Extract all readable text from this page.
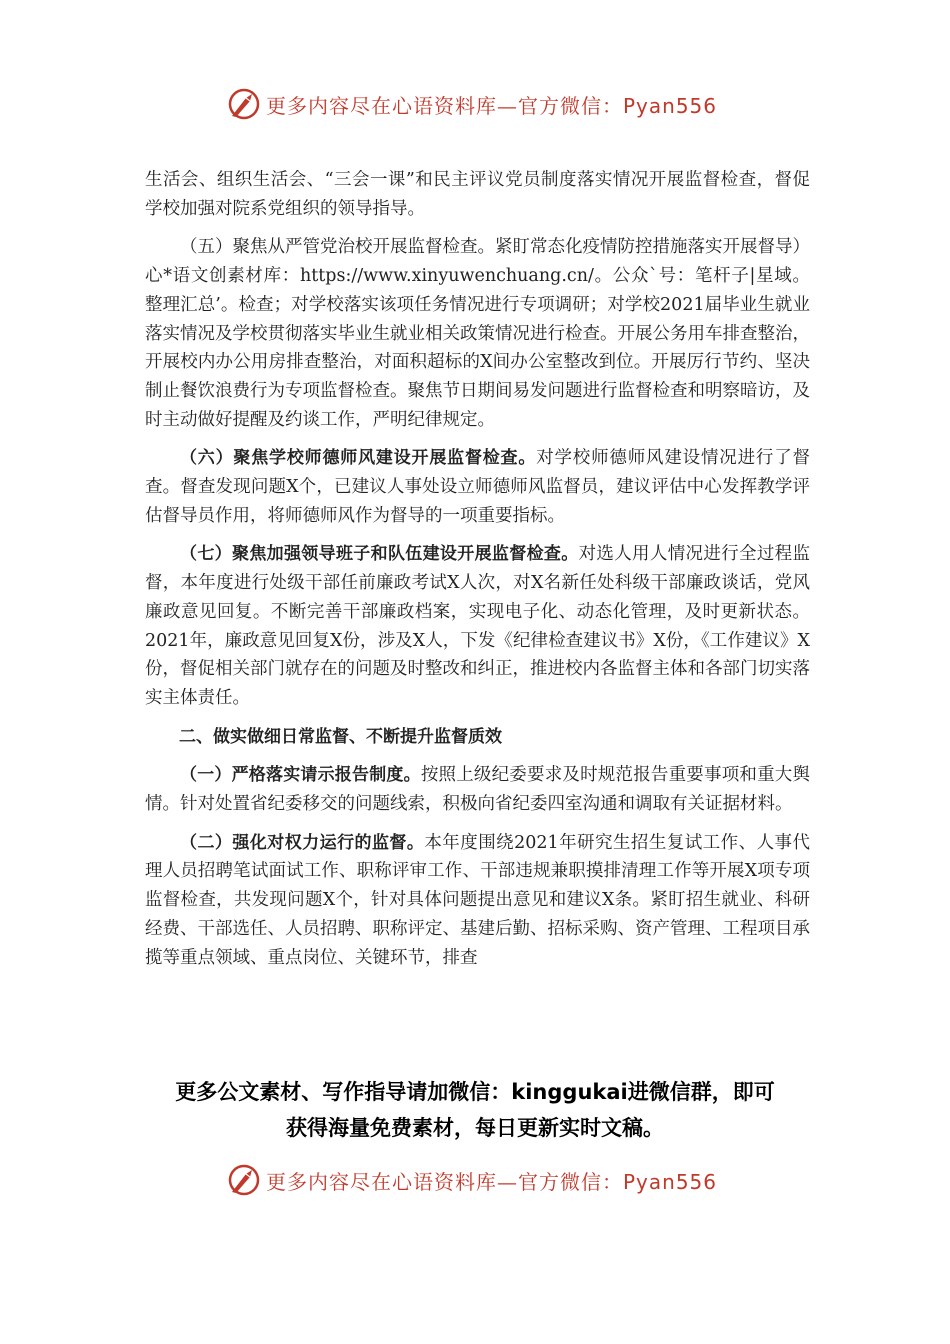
更多内容尽在心语资料库—官方微信：Pyan556

生活会、组织生活会、“三会一课”和民主评议党员制度落实情况开展监督检查，督促学校加强对院系党组织的领导指导。

（五）聚焦从严管党治校开展监督检查。紧盯常态化疫情防控措施落实开展督导）心*语文创素材库：https://www.xinyuwenchuang.cn/。公众`号：笔杆子|星域。整理汇总’。检查；对学校落实该项任务情况进行专项调研；对学校2021届毕业生就业落实情况及学校贯彻落实毕业生就业相关政策情况进行检查。开展公务用车排查整治，开展校内办公用房排查整治，对面积超标的X间办公室整改到位。开展厉行节约、坚决制止餐饮浪费行为专项监督检查。聚焦节日期间易发问题进行监督检查和明察暗访，及时主动做好提醒及约谈工作，严明纪律规定。

（六）聚焦学校师德师风建设开展监督检查。对学校师德师风建设情况进行了督查。督查发现问题X个，已建议人事处设立师德师风监督员，建议评估中心发挥教学评估督导员作用，将师德师风作为督导的一项重要指标。

（七）聚焦加强领导班子和队伍建设开展监督检查。对选人用人情况进行全过程监督，本年度进行处级干部任前廉政考试X人次，对X名新任处科级干部廉政谈话，党风廉政意见回复。不断完善干部廉政档案，实现电子化、动态化管理，及时更新状态。2021年，廉政意见回复X份，涉及X人，下发《纪律检查建议书》X份，《工作建议》X份，督促相关部门就存在的问题及时整改和纠正，推进校内各监督主体和各部门切实落实主体责任。

二、做实做细日常监督、不断提升监督质效

（一）严格落实请示报告制度。按照上级纪委要求及时规范报告重要事项和重大舆情。针对处置省纪委移交的问题线索，积极向省纪委四室沟通和调取有关证据材料。

（二）强化对权力运行的监督。本年度围绕2021年研究生招生复试工作、人事代理人员招聘笔试面试工作、职称评审工作、干部违规兼职摸排清理工作等开展X项专项监督检查，共发现问题X个，针对具体问题提出意见和建议X条。紧盯招生就业、科研经费、干部选任、人员招聘、职称评定、基建后勤、招标采购、资产管理、工程项目承揽等重点领域、重点岗位、关键环节，排查

更多公文素材、写作指导请加微信：kinggukai进微信群，即可
获得海量免费素材，每日更新实时文稿。
更多内容尽在心语资料库—官方微信：Pyan556
